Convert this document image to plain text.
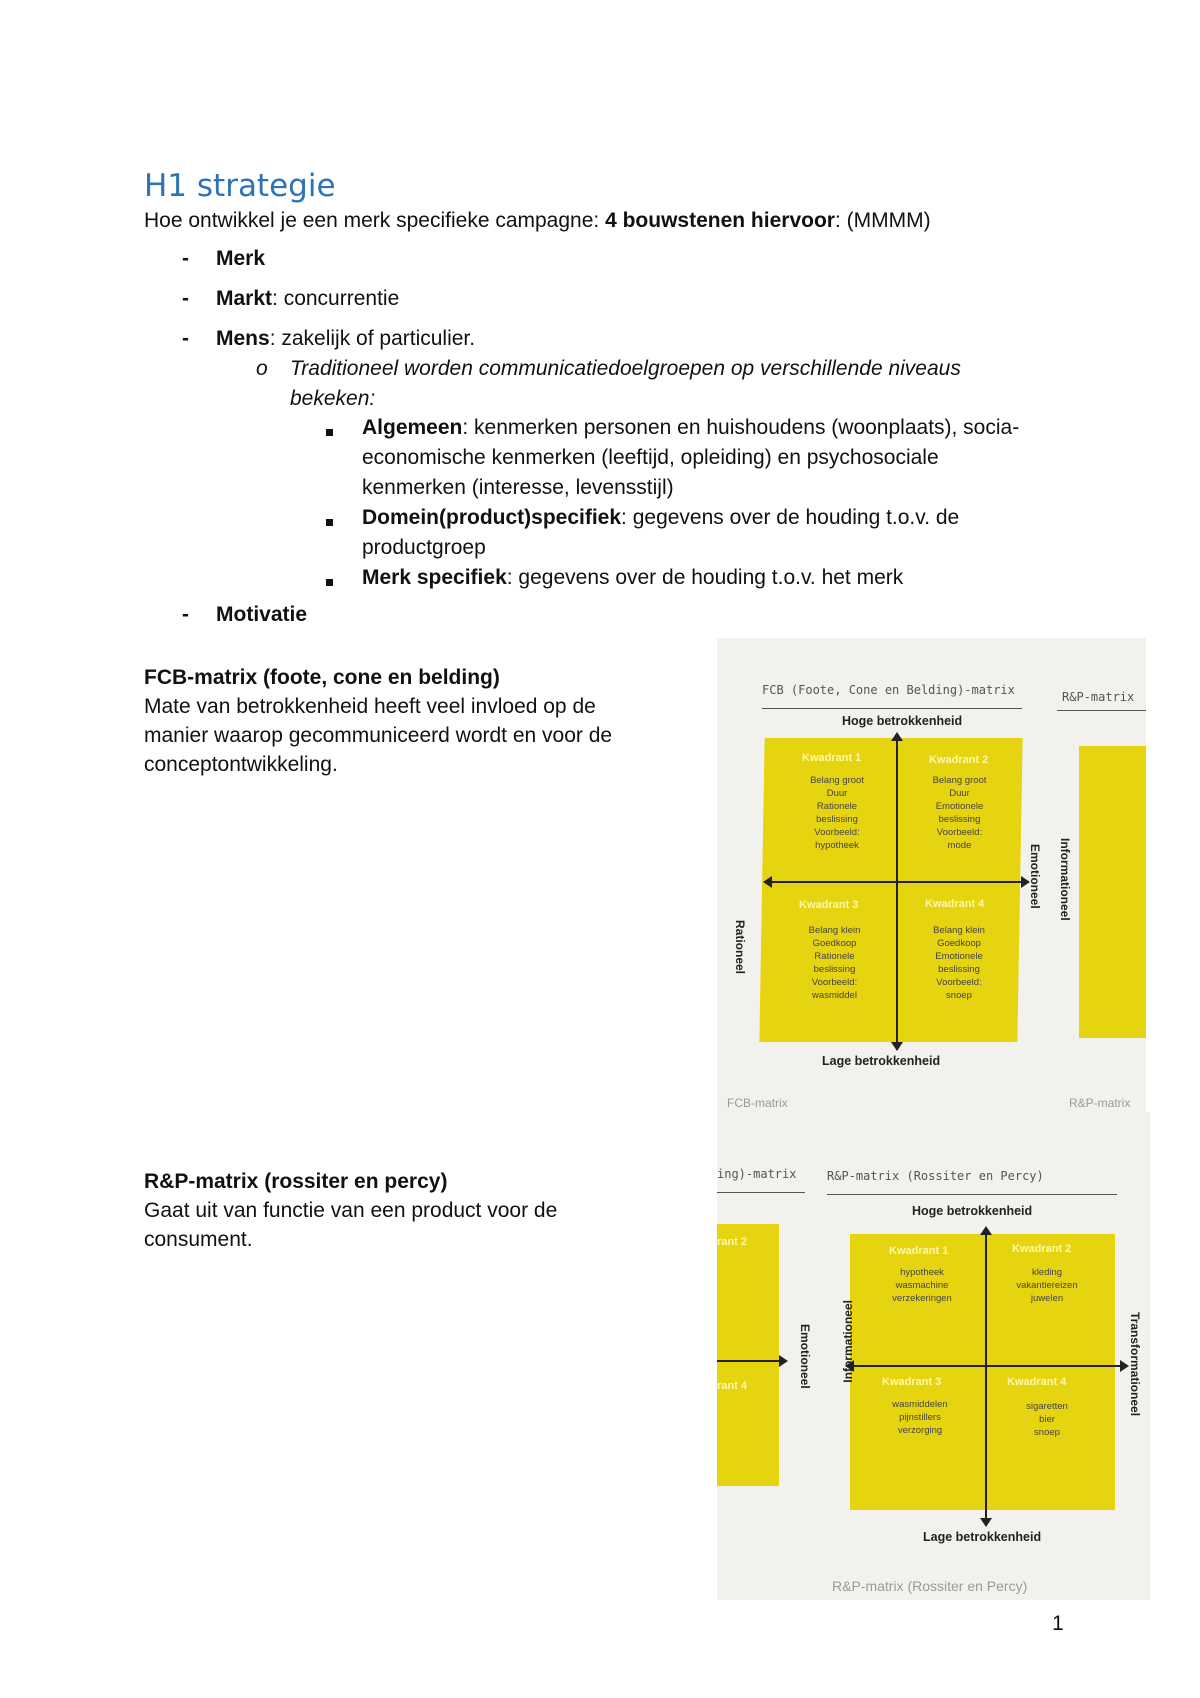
H1 strategie
Hoe ontwikkel je een merk specifieke campagne: 4 bouwstenen hiervoor: (MMMM)
- Merk
- Markt: concurrentie
- Mens: zakelijk of particulier.
o Traditioneel worden communicatiedoelgroepen op verschillende niveaus
bekeken:
Algemeen: kenmerken personen en huishoudens (woonplaats), socia-
economische kenmerken (leeftijd, opleiding) en psychosociale
kenmerken (interesse, levensstijl)
Domein(product)specifiek: gegevens over de houding t.o.v. de
productgroep
Merk specifiek: gegevens over de houding t.o.v. het merk
- Motivatie
FCB-matrix (foote, cone en belding)
Mate van betrokkenheid heeft veel invloed op de
manier waarop gecommuniceerd wordt en voor de
conceptontwikkeling.
R&P-matrix (rossiter en percy)
Gaat uit van functie van een product voor de
consument.
FCB (Foote, Cone en Belding)-matrix	R&P-matrix
Hoge betrokkenheid
Kwadrant 1
Belang groot
Duur
Rationele
beslissing
Voorbeeld:
hypotheek
Kwadrant 2
Belang groot
Duur
Emotionele
beslissing
Voorbeeld:
mode
Kwadrant 3
Belang klein
Goedkoop
Rationele
beslissing
Voorbeeld:
wasmiddel
Kwadrant 4
Belang klein
Goedkoop
Emotionele
beslissing
Voorbeeld:
snoep
Rationeel
Emotioneel Informationeel
Lage betrokkenheid
FCB-matrix	R&P-matrix
ing)-matrix	R&P-matrix (Rossiter en Percy)
rant 2
rant 4	Emotioneel
Hoge betrokkenheid
Kwadrant 1
hypotheek
wasmachine
verzekeringen
Kwadrant 2
kleding
vakantiereizen
juwelen
Kwadrant 3
wasmiddelen
pijnstillers
verzorging
Kwadrant 4
sigaretten
bier
snoep
Informationeel	Transformationeel
Lage betrokkenheid
R&P-matrix (Rossiter en Percy)
1
